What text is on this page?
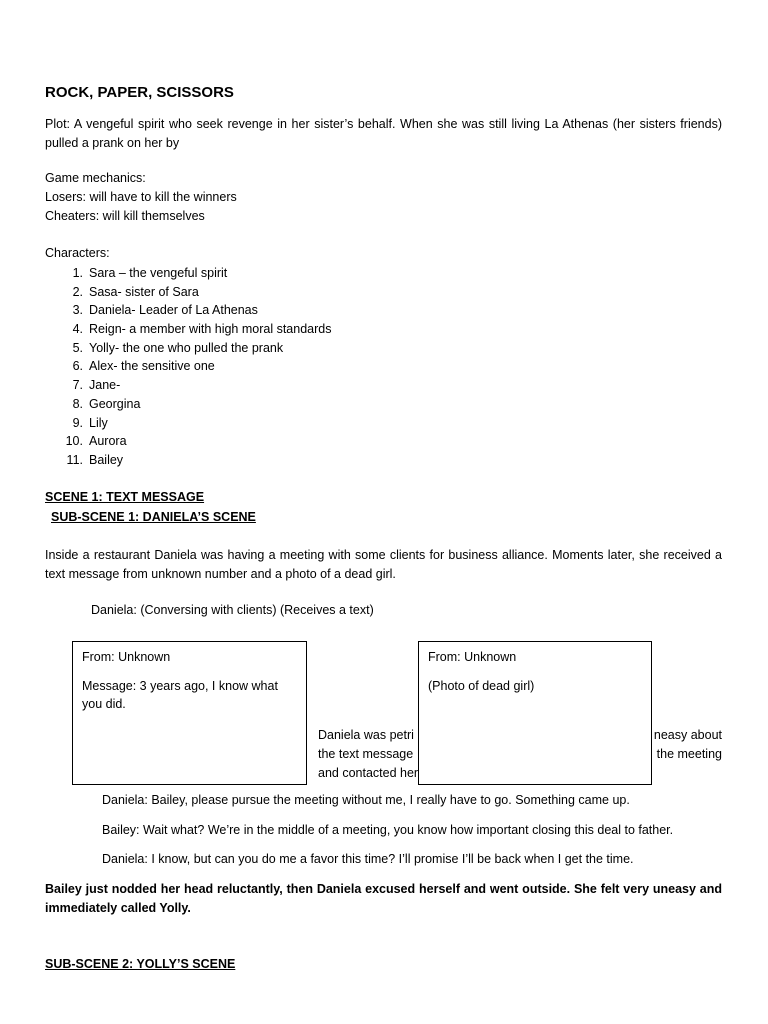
ROCK, PAPER, SCISSORS
Plot: A vengeful spirit who seek revenge in her sister’s behalf. When she was still living La Athenas (her sisters friends) pulled a prank on her by
Game mechanics:
Losers: will have to kill the winners
Cheaters: will kill themselves
Characters:
1. Sara – the vengeful spirit
2. Sasa- sister of Sara
3. Daniela- Leader of La Athenas
4. Reign- a member with high moral standards
5. Yolly- the one who pulled the prank
6. Alex- the sensitive one
7. Jane-
8. Georgina
9. Lily
10. Aurora
11. Bailey
SCENE 1: TEXT MESSAGE
SUB-SCENE 1: DANIELA’S SCENE
Inside a restaurant Daniela was having a meeting with some clients for business alliance. Moments later, she received a text message from unknown number and a photo of a dead girl.
Daniela: (Conversing with clients) (Receives a text)
Daniela was petri	neasy about
the text message	the meeting
and contacted her

From: Unknown

Message: 3 years ago, I know what you did.

From: Unknown

(Photo of dead girl)

Daniela: Bailey, please pursue the meeting without me, I really have to go. Something came up.
Bailey: Wait what? We’re in the middle of a meeting, you know how important closing this deal to father.
Daniela: I know, but can you do me a favor this time? I’ll promise I’ll be back when I get the time.
Bailey just nodded her head reluctantly, then Daniela excused herself and went outside. She felt very uneasy and immediately called Yolly.
SUB-SCENE 2: YOLLY’S SCENE
